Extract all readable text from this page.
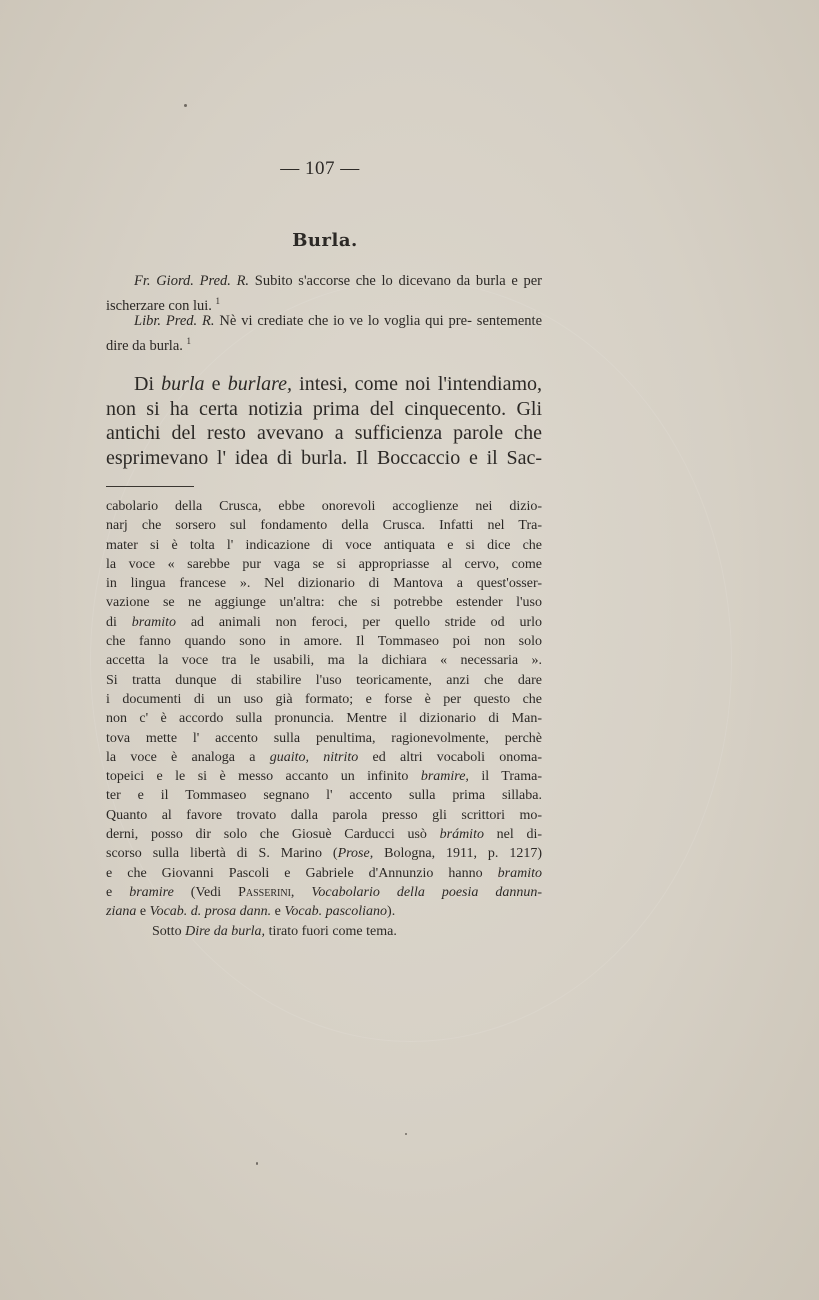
— 107 —
Burla.
Fr. Giord. Pred. R. Subito s'accorse che lo dicevano da burla e per ischerzare con lui. $^1$
Libr. Pred. R. Nè vi crediate che io ve lo voglia qui pre- sentemente dire da burla. $^1$
Di burla e burlare, intesi, come noi l'intendiamo,
non si ha certa notizia prima del cinquecento. Gli
antichi del resto avevano a sufficienza parole che
esprimevano l' idea di burla. Il Boccaccio e il Sac-
cabolario della Crusca, ebbe onorevoli accoglienze nei dizio-
narj che sorsero sul fondamento della Crusca. Infatti nel Tra-
mater si è tolta l' indicazione di voce antiquata e si dice che
la voce « sarebbe pur vaga se si appropriasse al cervo, come
in lingua francese ». Nel dizionario di Mantova a quest'osser-
vazione se ne aggiunge un'altra: che si potrebbe estender l'uso
di bramito ad animali non feroci, per quello stride od urlo
che fanno quando sono in amore. Il Tommaseo poi non solo
accetta la voce tra le usabili, ma la dichiara « necessaria ».
Si tratta dunque di stabilire l'uso teoricamente, anzi che dare
i documenti di un uso già formato; e forse è per questo che
non c' è accordo sulla pronuncia. Mentre il dizionario di Man-
tova mette l' accento sulla penultima, ragionevolmente, perchè
la voce è analoga a guaito, nitrito ed altri vocaboli onoma-
topeici e le si è messo accanto un infinito bramire, il Trama-
ter e il Tommaseo segnano l' accento sulla prima sillaba.
Quanto al favore trovato dalla parola presso gli scrittori mo-
derni, posso dir solo che Giosuè Carducci usò brámito nel di-
scorso sulla libertà di S. Marino (Prose, Bologna, 1911, p. 1217)
e che Giovanni Pascoli e Gabriele d'Annunzio hanno bramito
e bramire (Vedi Passerini, Vocabolario della poesia dannun-
ziana e Vocab. d. prosa dann. e Vocab. pascoliano).
Sotto Dire da burla, tirato fuori come tema.
